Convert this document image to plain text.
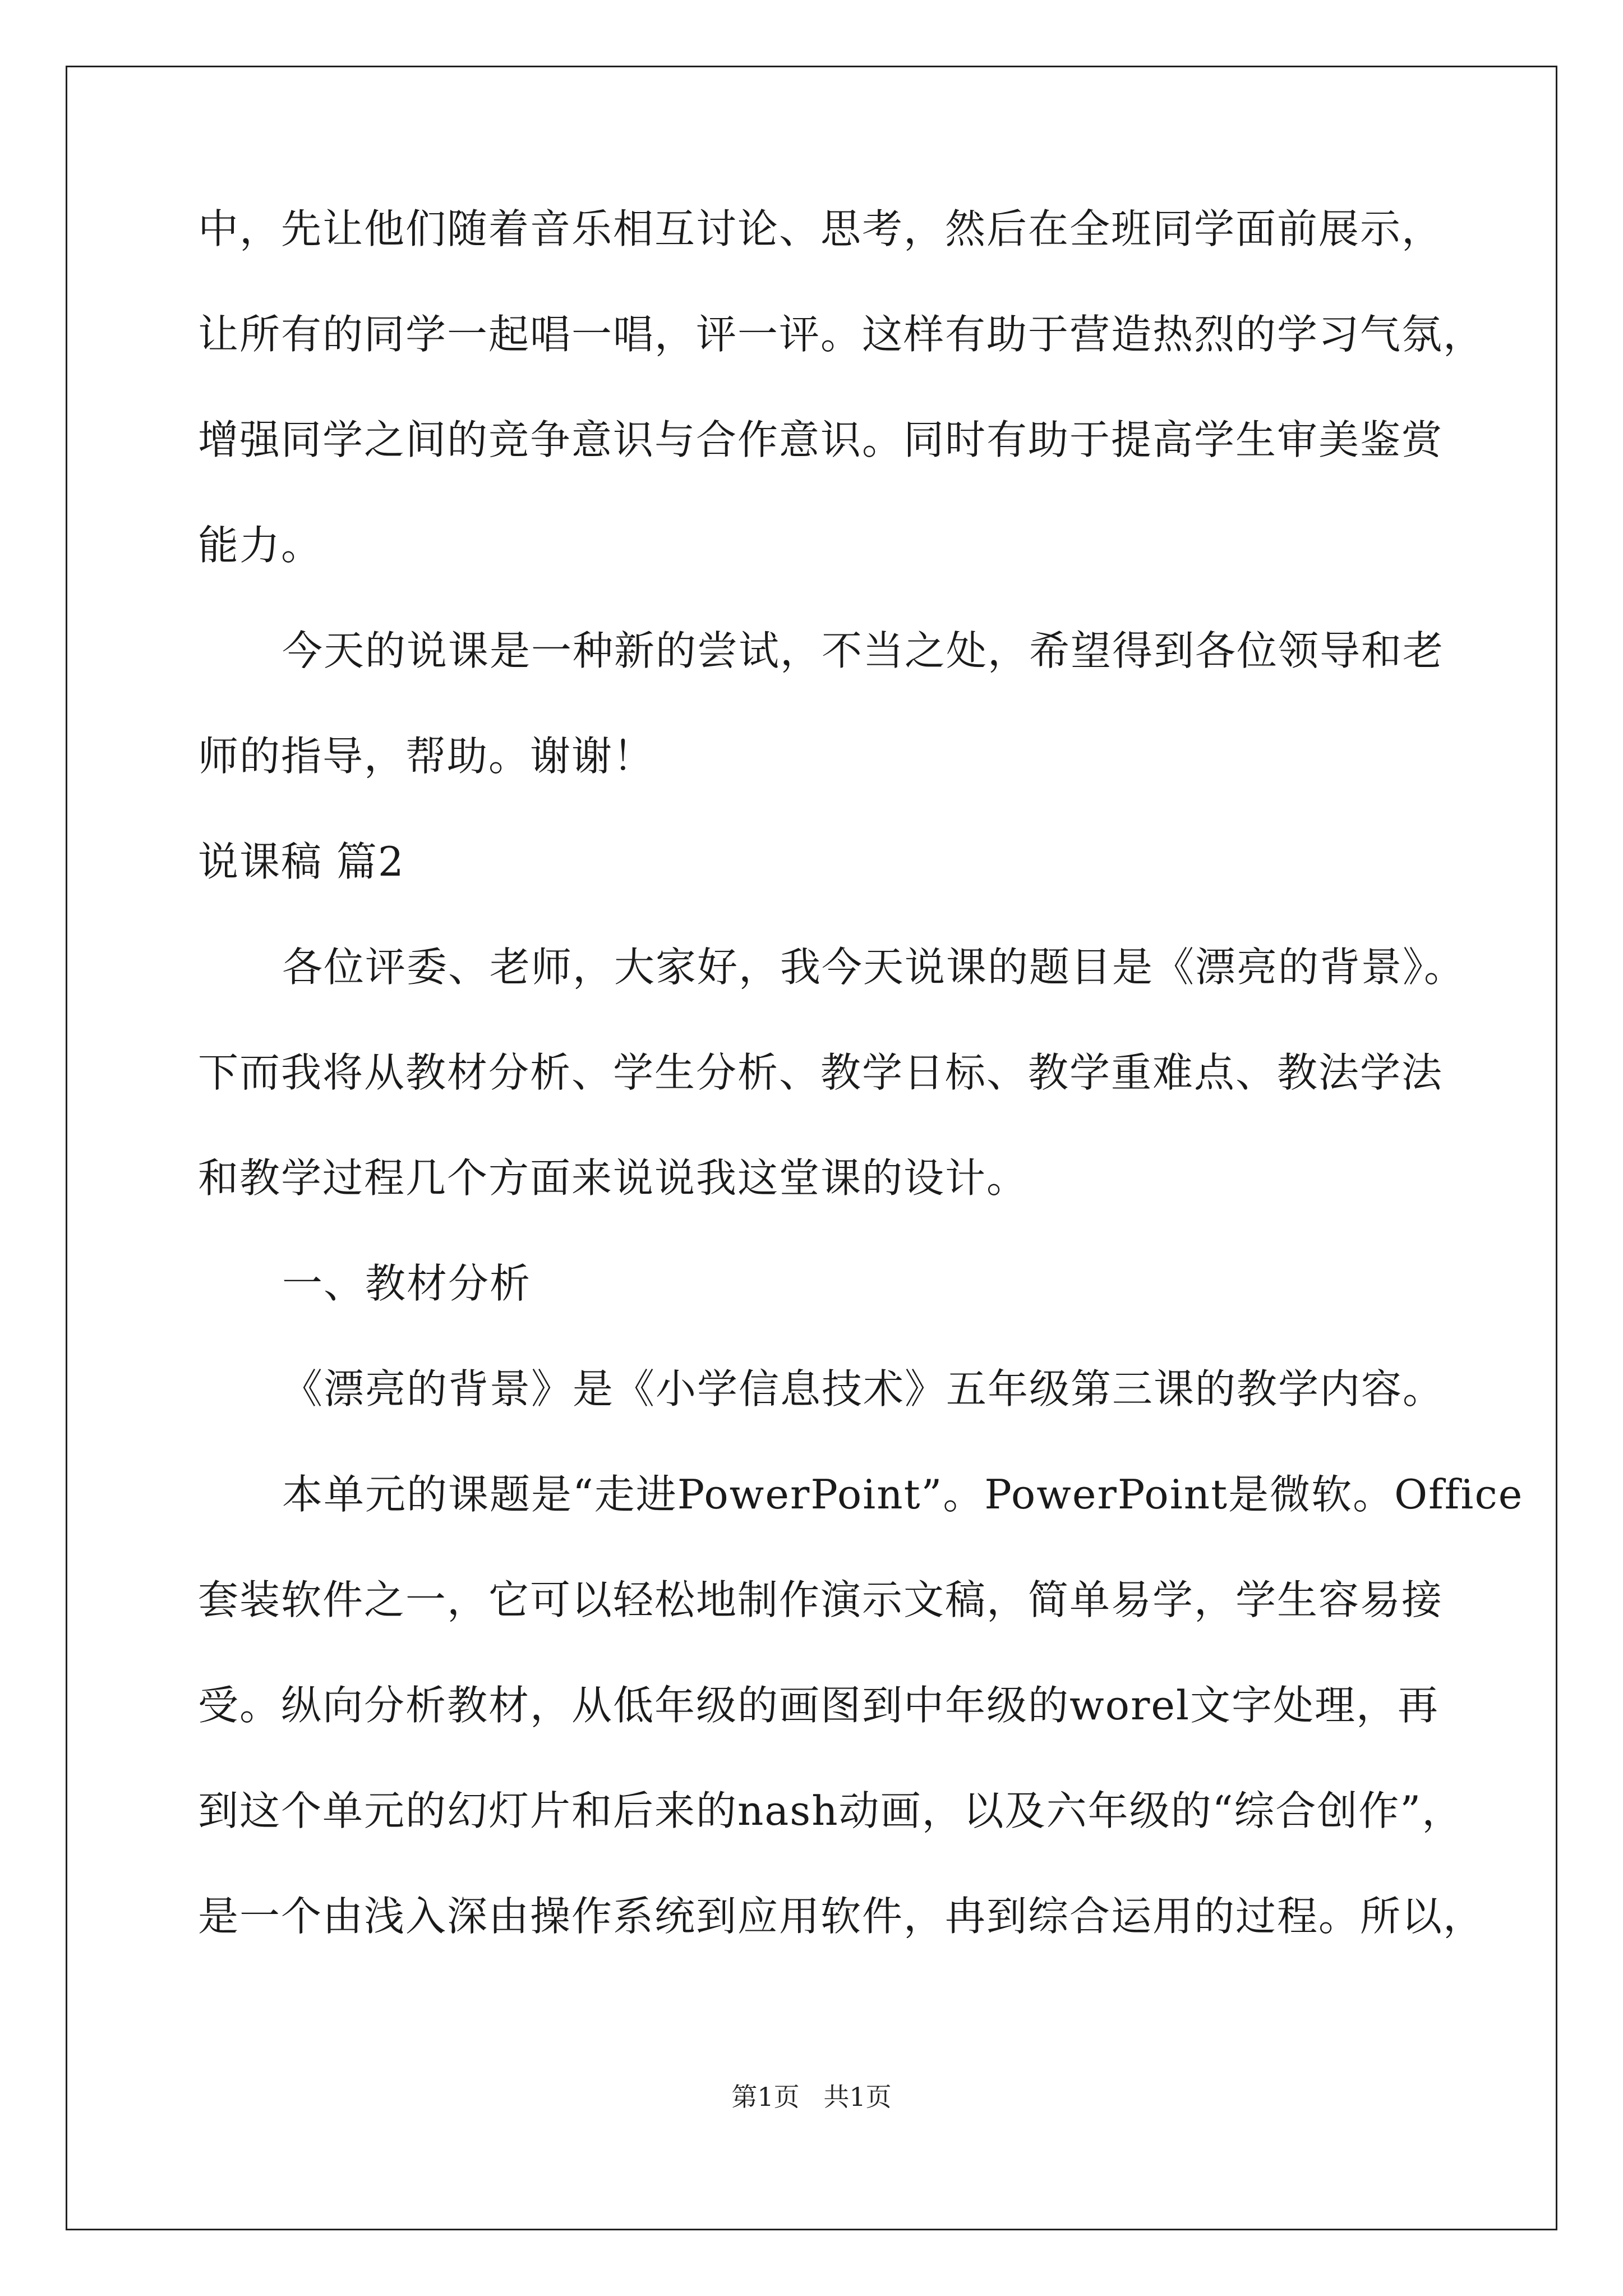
中，先让他们随着音乐相互讨论、思考，然后在全班同学面前展示，
让所有的同学一起唱一唱，评一评。这样有助于营造热烈的学习气氛，
增强同学之间的竞争意识与合作意识。同时有助于提高学生审美鉴赏
能力。
今天的说课是一种新的尝试，不当之处，希望得到各位领导和老
师的指导，帮助。谢谢！
说课稿 篇2
各位评委、老师，大家好，我今天说课的题目是《漂亮的背景》。
下而我将从教材分析、学生分析、教学日标、教学重难点、教法学法
和教学过程几个方面来说说我这堂课的设计。
一、教材分析
《漂亮的背景》是《小学信息技术》五年级第三课的教学内容。
本单元的课题是“走进PowerPoint”。PowerPoint是微软。Office
套装软件之一，它可以轻松地制作演示文稿，简单易学，学生容易接
受。纵向分析教材，从低年级的画图到中年级的worel文字处理，再
到这个单元的幻灯片和后来的nash动画，以及六年级的“综合创作”，
是一个由浅入深由操作系统到应用软件，冉到综合运用的过程。所以，
第1页 共1页
